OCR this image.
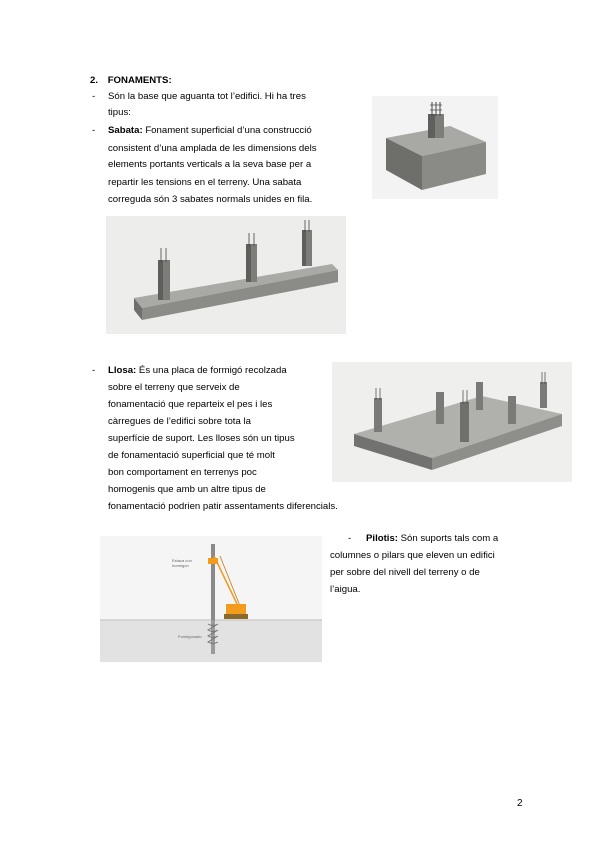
2. FONAMENTS:
- Són la base que aguanta tot l’edifici. Hi ha tres
tipus:
- Sabata: Fonament superficial d’una construcció
consistent d’una amplada de les dimensions dels
elements portants verticals a la seva base per a
repartir les tensions en el terreny. Una sabata
correguda són 3 sabates normals unides en fila.
- Llosa: És una placa de formigó recolzada
sobre el terreny que serveix de
fonamentació que reparteix el pes i les
càrregues de l’edifici sobre tota la
superfície de suport. Les lloses són un tipus
de fonamentació superficial que té molt
bon comportament en terrenys poc
homogenis que amb un altre tipus de
fonamentació podrien patir assentaments diferencials.
- Pilotis: Són suports tals com a
columnes o pilars que eleven un edifici
per sobre del nivell del terreny o de
l’aigua.
Estaca con hormigón
Formigonado
2
